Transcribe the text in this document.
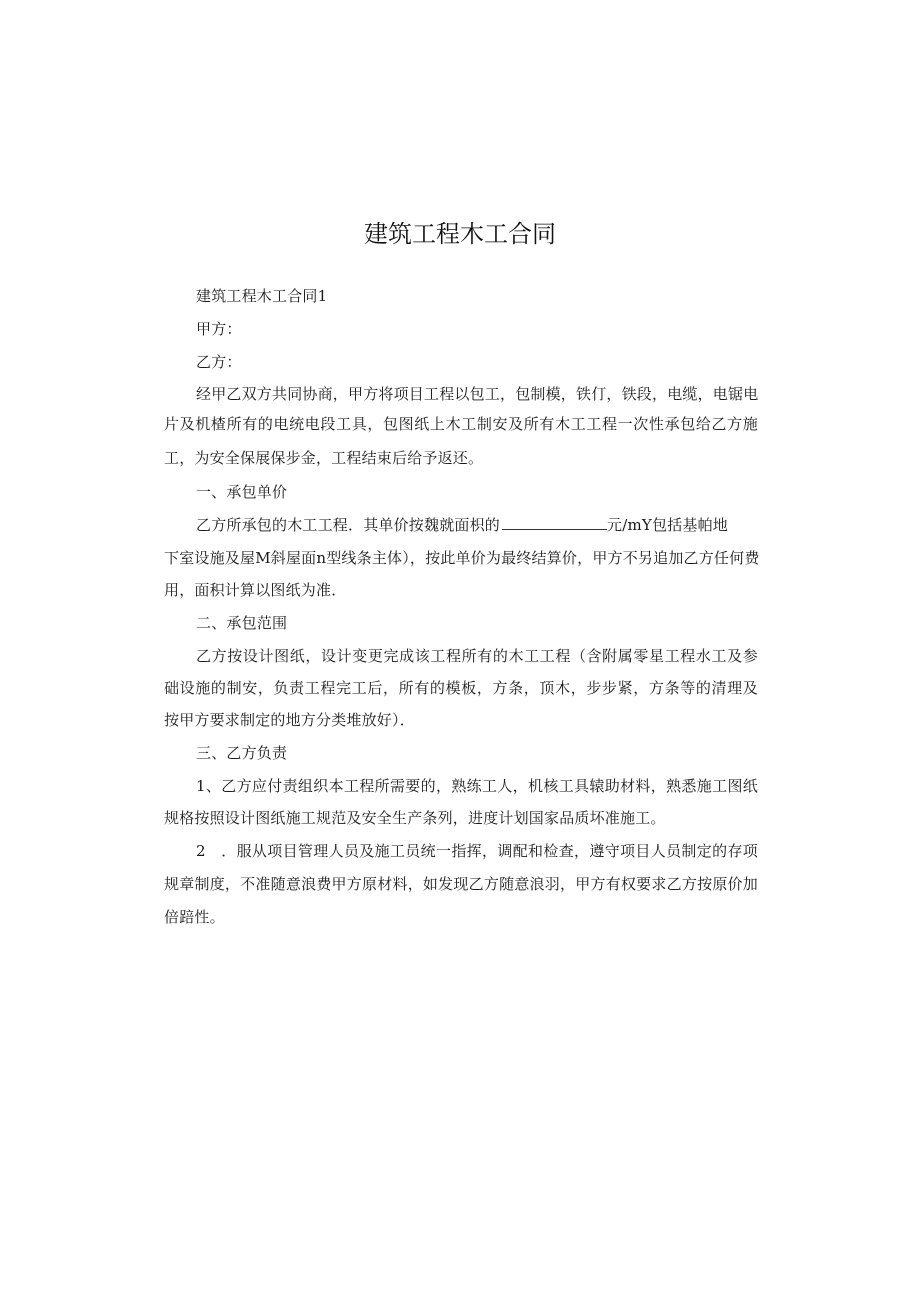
建筑工程木工合同
建筑工程木工合同1
甲方：
乙方：
经甲乙双方共同协商，甲方将项目工程以包工，包制模，铁仃，铁段，电缆，电锯电
片及机楂所有的电统电段工具，包图纸上木工制安及所有木工工程一次性承包给乙方施
工，为安全保展保步金，工程结束后给予返还。
一、承包单价
乙方所承包的木工工程．其单价按魏就面枳的	元/mY包括基帕地
下室设施及屋M斜屋面n型线条主体），按此单价为最终结算价，甲方不另追加乙方任何费
用，面积计算以图纸为准．
二、承包范围
乙方按设计图纸，设计变更完成该工程所有的木工工程（含附属零星工程水工及参
础设施的制安，负责工程完工后，所有的模板，方条，顶木，步步紧，方条等的清理及
按甲方要求制定的地方分类堆放好）．
三、乙方负责
1、乙方应付责组织本工程所需要的，熟练工人，机核工具辕助材料，熟悉施工图纸
规格按照设计图纸施工规范及安全生产条列，进度计划国家品质坏准施工。
2　．服从项目管理人员及施工员统一指挥，调配和检查，遵守项目人员制定的存项
规章制度，不准随意浪费甲方原材料，如发现乙方随意浪羽，甲方有权要求乙方按原价加
倍踣性。
